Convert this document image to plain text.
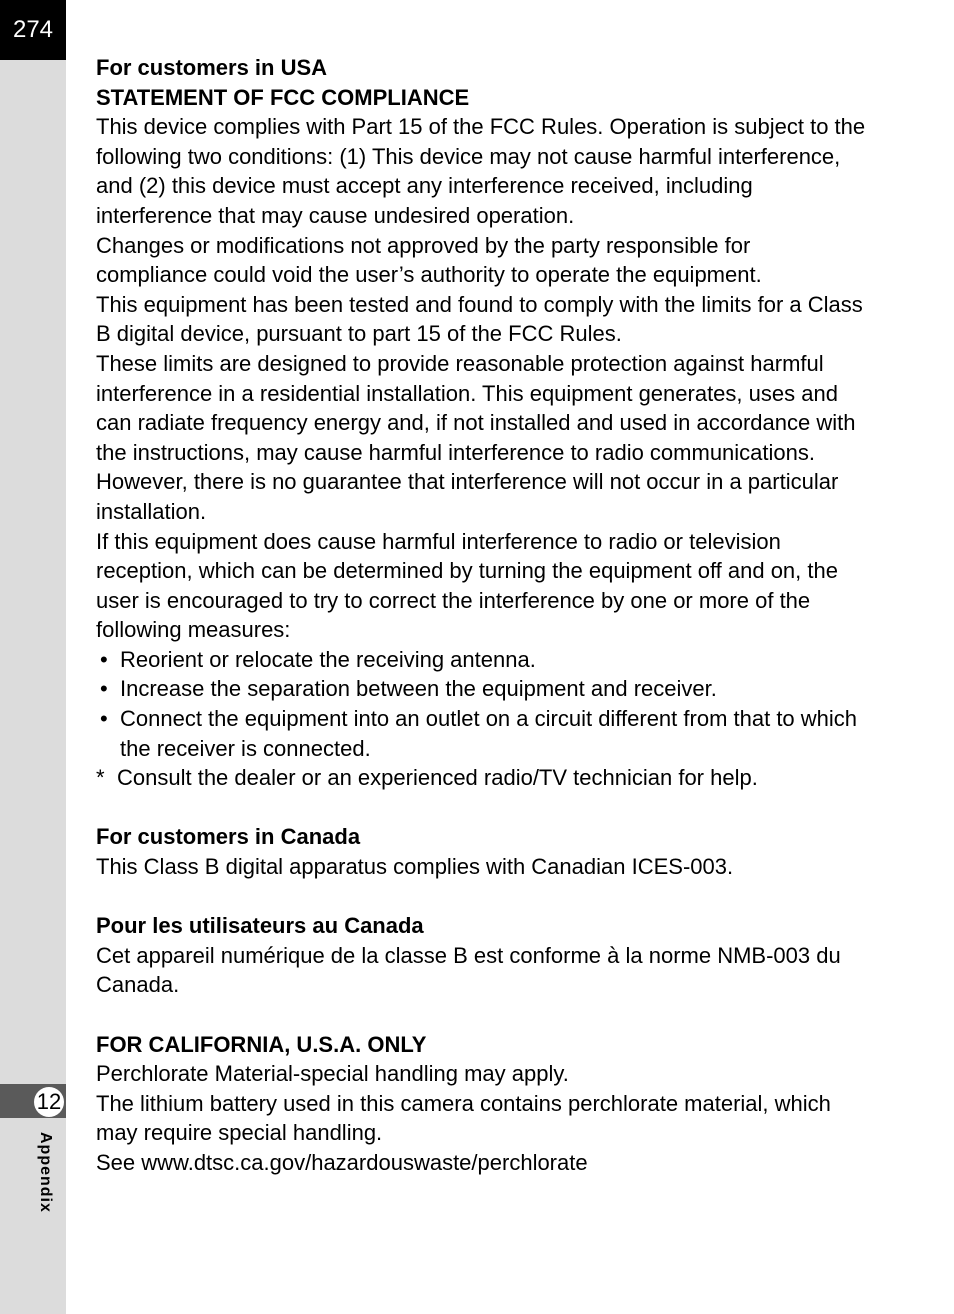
274
12
Appendix

For customers in USA

STATEMENT OF FCC COMPLIANCE

This device complies with Part 15 of the FCC Rules. Operation is subject to the following two conditions: (1) This device may not cause harmful interference, and (2) this device must accept any interference received, including interference that may cause undesired operation.

Changes or modifications not approved by the party responsible for compliance could void the user’s authority to operate the equipment.

This equipment has been tested and found to comply with the limits for a Class B digital device, pursuant to part 15 of the FCC Rules.

These limits are designed to provide reasonable protection against harmful interference in a residential installation. This equipment generates, uses and can radiate frequency energy and, if not installed and used in accordance with the instructions, may cause harmful interference to radio communications. However, there is no guarantee that interference will not occur in a particular installation.

If this equipment does cause harmful interference to radio or television reception, which can be determined by turning the equipment off and on, the user is encouraged to try to correct the interference by one or more of the following measures:

• Reorient or relocate the receiving antenna.
• Increase the separation between the equipment and receiver.
• Connect the equipment into an outlet on a circuit different from that to which the receiver is connected.
* Consult the dealer or an experienced radio/TV technician for help.

For customers in Canada

This Class B digital apparatus complies with Canadian ICES-003.

Pour les utilisateurs au Canada

Cet appareil numérique de la classe B est conforme à la norme NMB-003 du Canada.

FOR CALIFORNIA, U.S.A. ONLY

Perchlorate Material-special handling may apply.

The lithium battery used in this camera contains perchlorate material, which may require special handling.

See www.dtsc.ca.gov/hazardouswaste/perchlorate
